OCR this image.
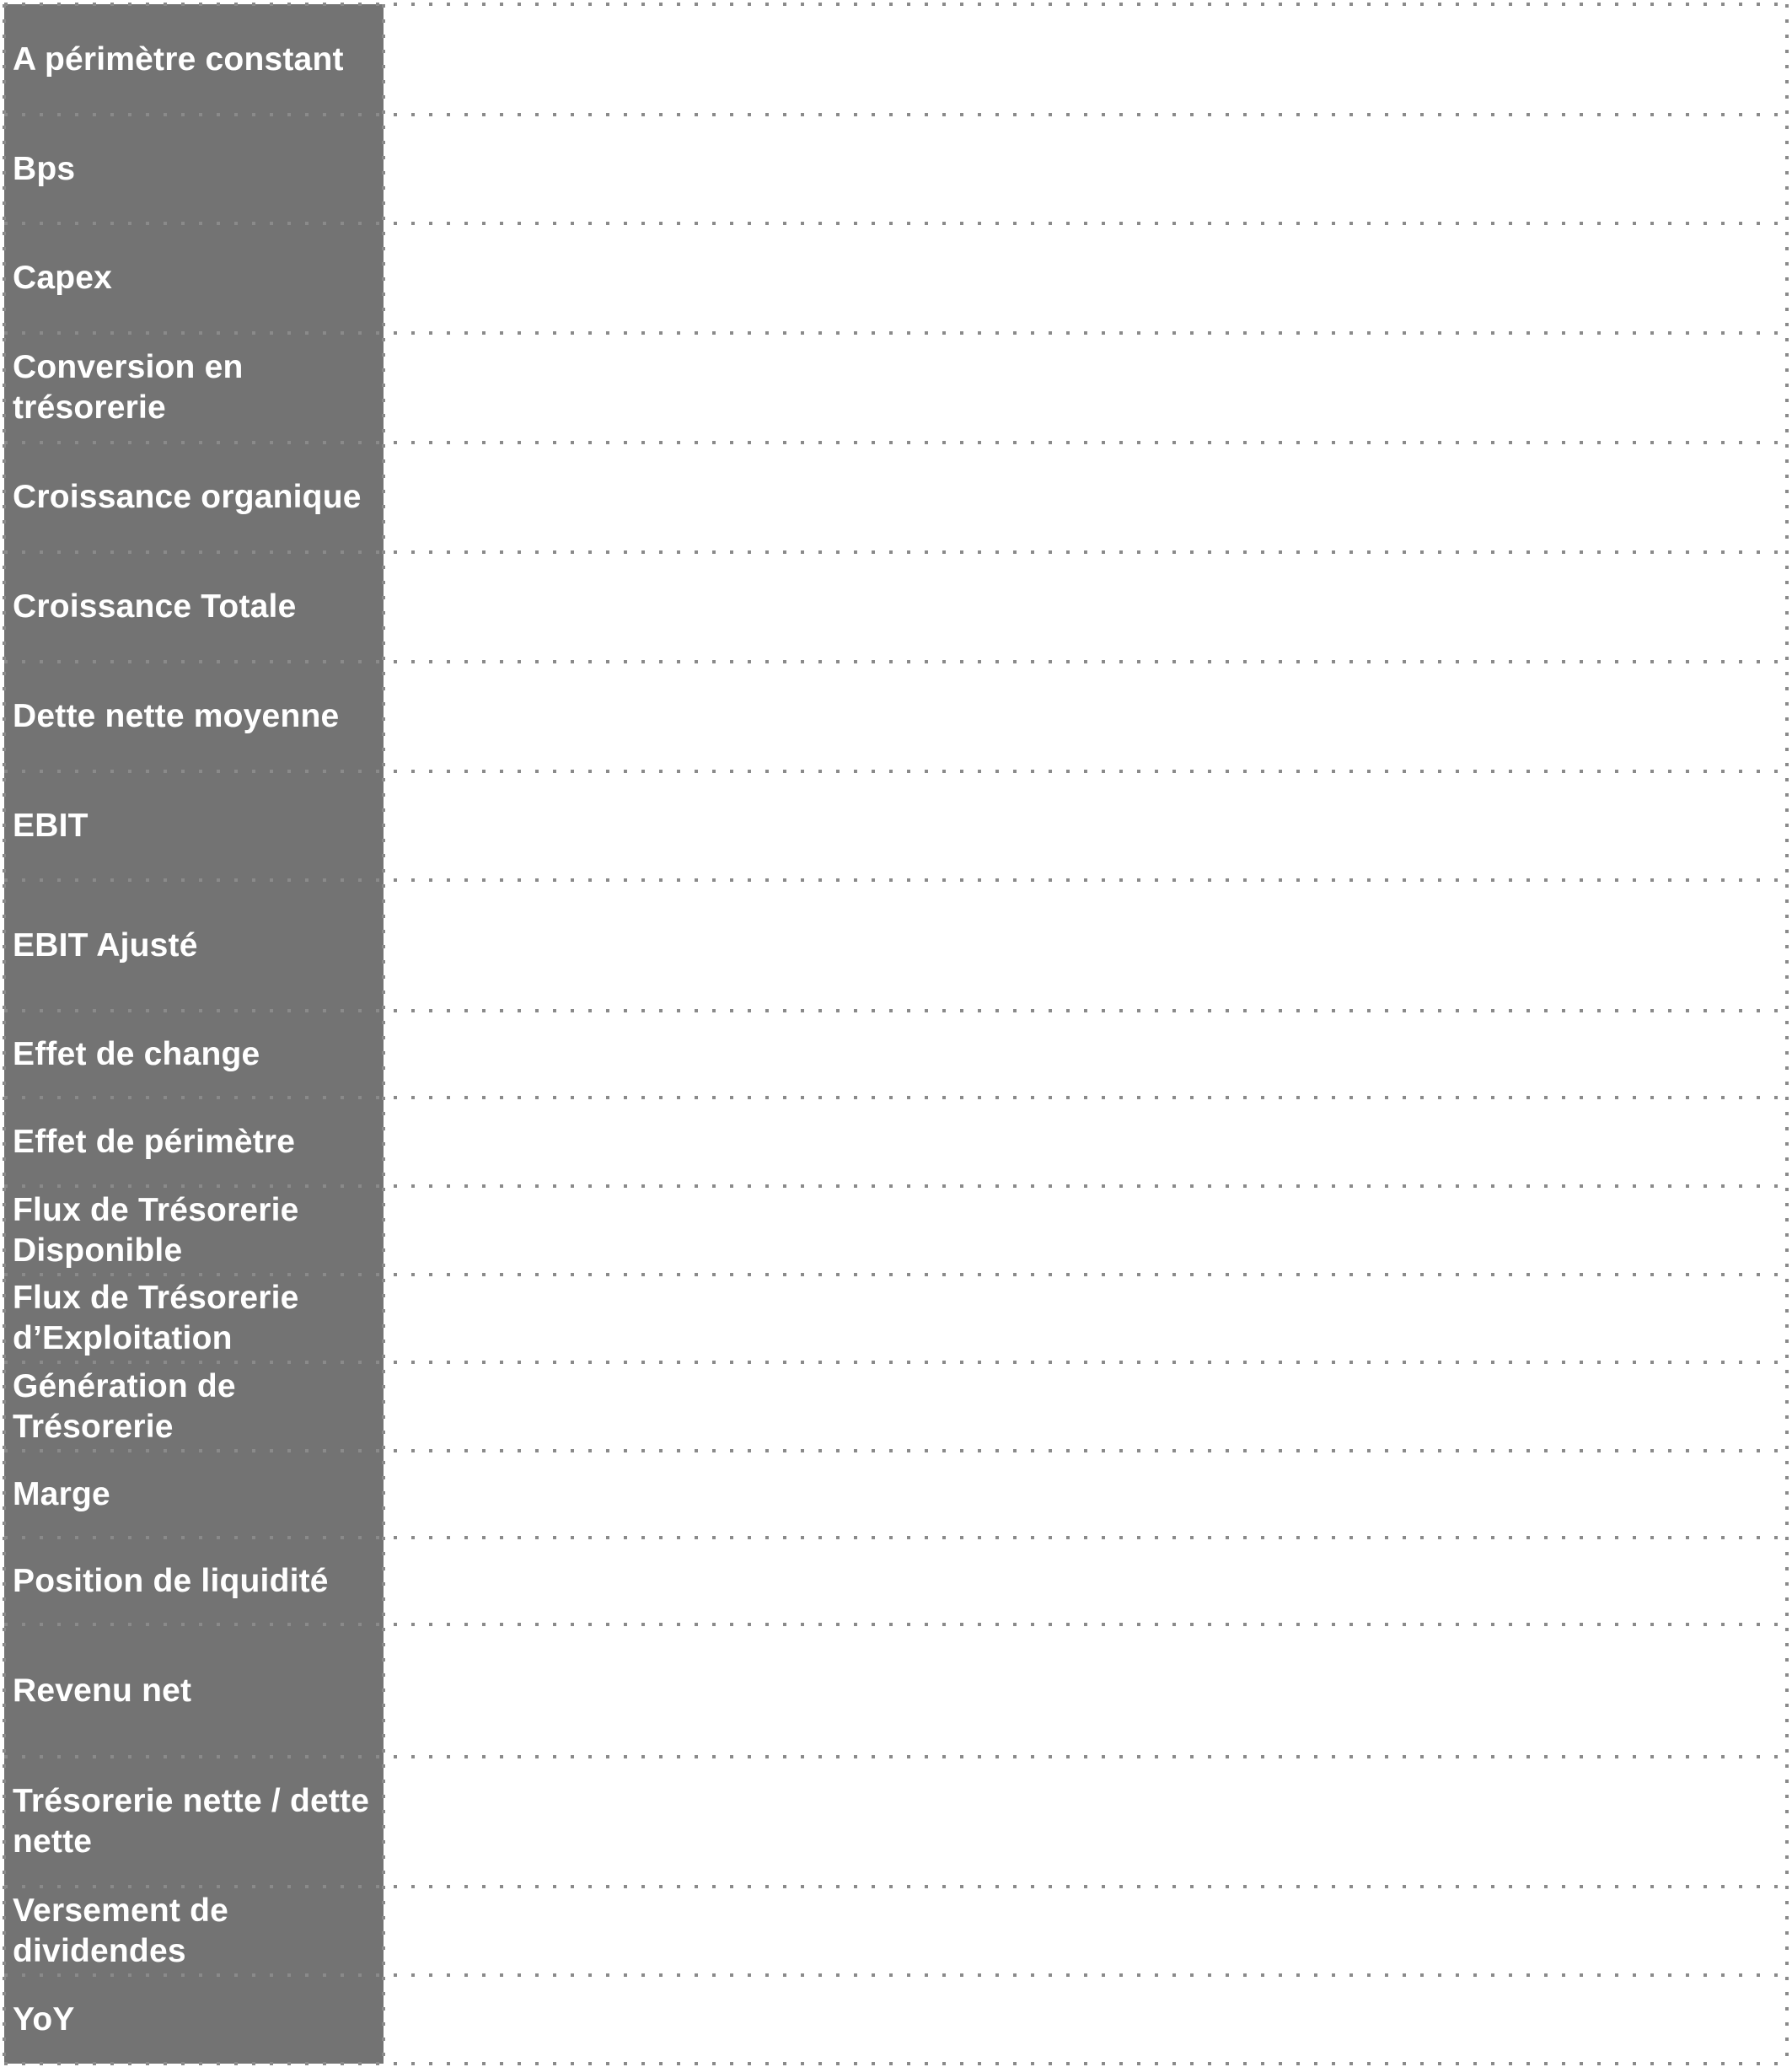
YoY
Versement de dividendes
Trésorerie nette / dette nette
Revenu net
Position de liquidité
Marge
Génération de Trésorerie
Flux de Trésorerie d’Exploitation
Flux de Trésorerie Disponible
Effet de périmètre
Effet de change
EBIT Ajusté
EBIT
Dette nette moyenne
Croissance Totale
Croissance organique
Conversion en trésorerie
Capex
Bps
A périmètre constant
